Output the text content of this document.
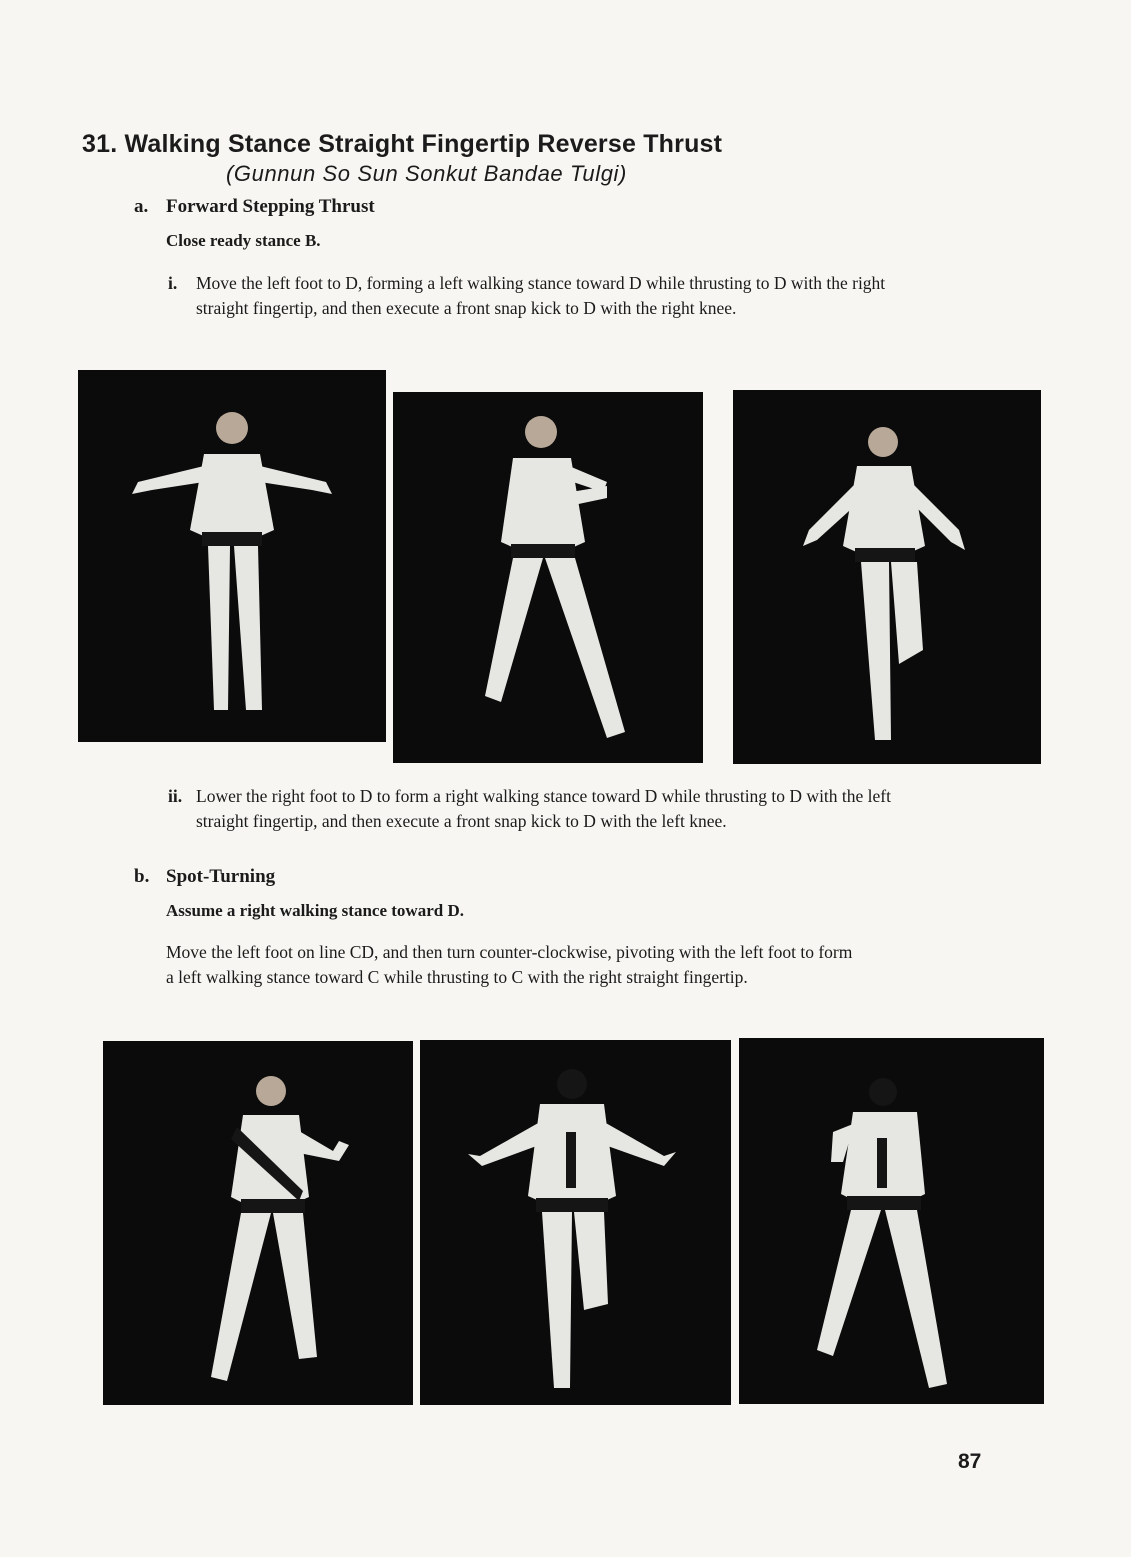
31. Walking Stance Straight Fingertip Reverse Thrust
(Gunnun So Sun Sonkut Bandae Tulgi)
a. Forward Stepping Thrust
Close ready stance B.
i. Move the left foot to D, forming a left walking stance toward D while thrusting to D with the right straight fingertip, and then execute a front snap kick to D with the right knee.
ii. Lower the right foot to D to form a right walking stance toward D while thrusting to D with the left straight fingertip, and then execute a front snap kick to D with the left knee.
b. Spot-Turning
Assume a right walking stance toward D.
Move the left foot on line CD, and then turn counter-clockwise, pivoting with the left foot to form a left walking stance toward C while thrusting to C with the right straight fingertip.
87
